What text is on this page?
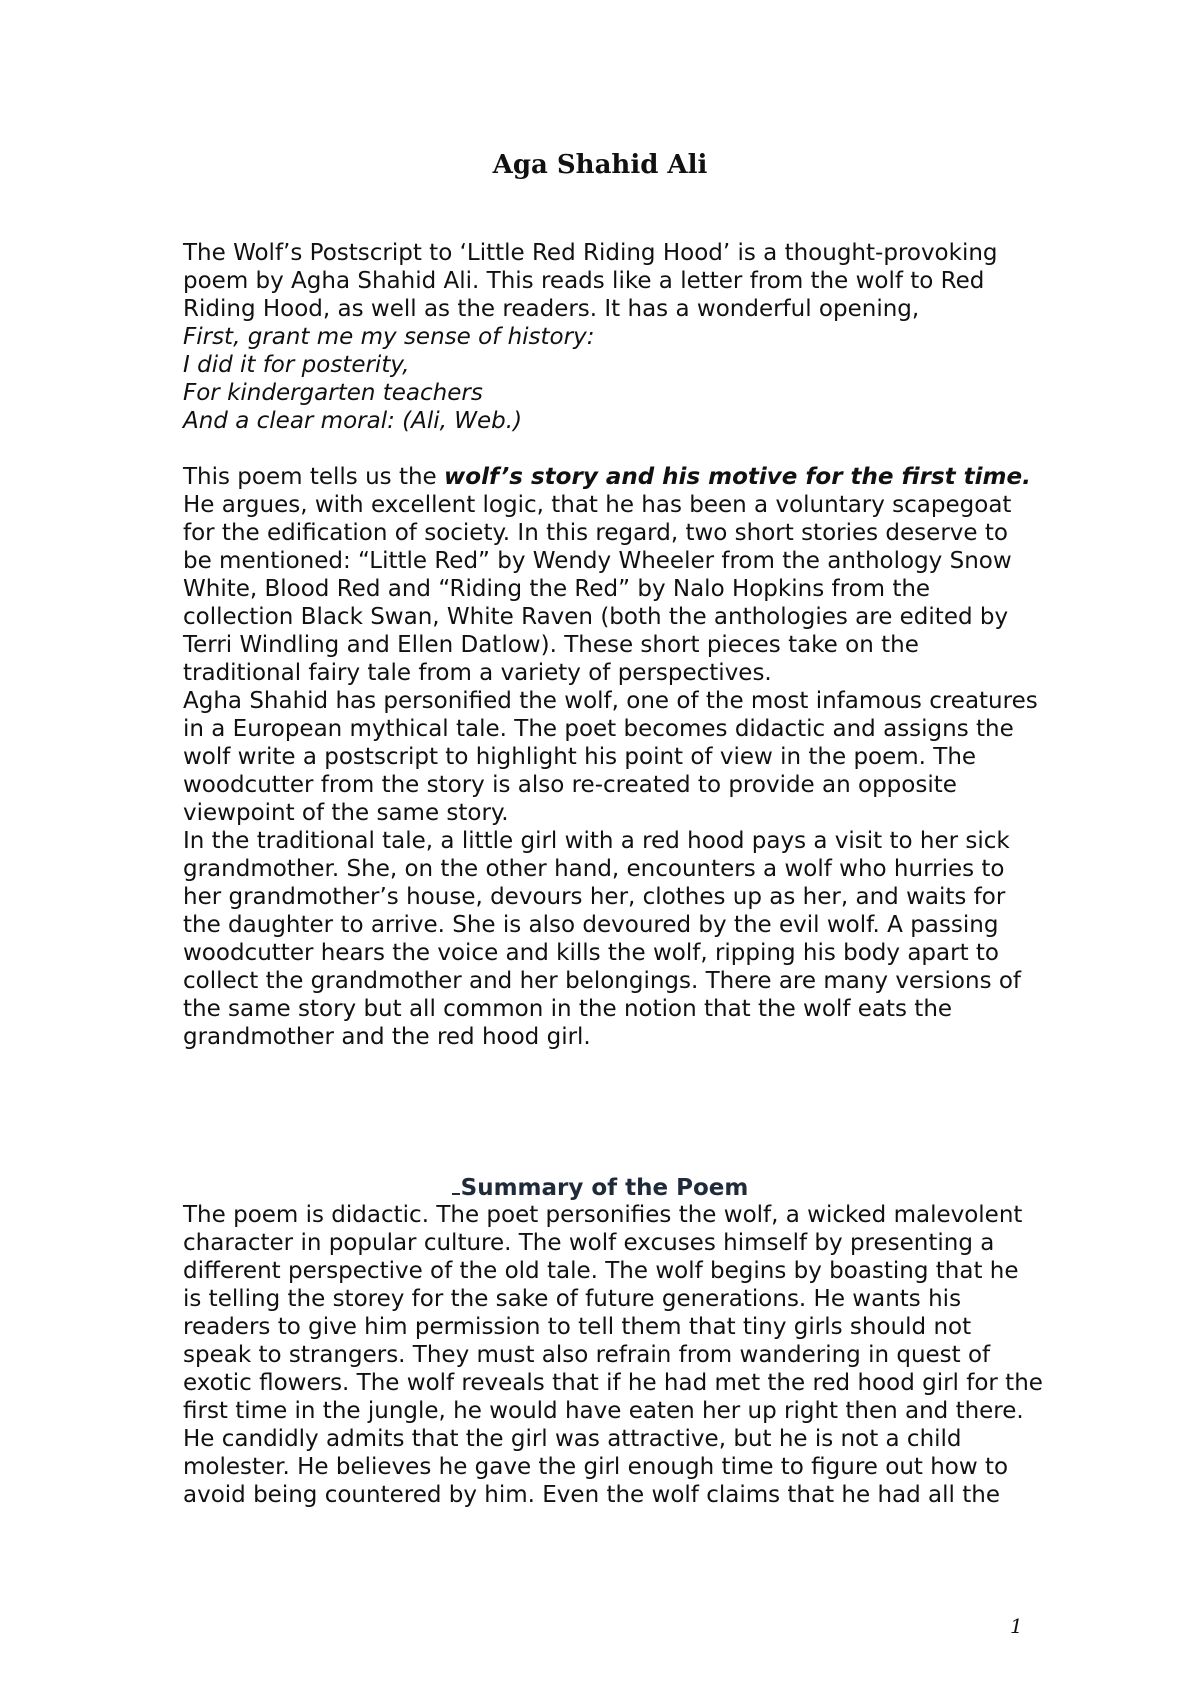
Aga Shahid Ali

The Wolf’s Postscript to ‘Little Red Riding Hood’ is a thought-provoking poem by Agha Shahid Ali. This reads like a letter from the wolf to Red Riding Hood, as well as the readers. It has a wonderful opening,

First, grant me my sense of history:

I did it for posterity,

For kindergarten teachers

And a clear moral: (Ali, Web.)

This poem tells us the wolf’s story and his motive for the first time. He argues, with excellent logic, that he has been a voluntary scapegoat for the edification of society. In this regard, two short stories deserve to be mentioned: “Little Red” by Wendy Wheeler from the anthology Snow White, Blood Red and “Riding the Red” by Nalo Hopkins from the collection Black Swan, White Raven (both the anthologies are edited by Terri Windling and Ellen Datlow). These short pieces take on the traditional fairy tale from a variety of perspectives.

Agha Shahid has personified the wolf, one of the most infamous creatures in a European mythical tale. The poet becomes didactic and assigns the wolf write a postscript to highlight his point of view in the poem. The woodcutter from the story is also re-created to provide an opposite viewpoint of the same story.

In the traditional tale, a little girl with a red hood pays a visit to her sick grandmother. She, on the other hand, encounters a wolf who hurries to her grandmother’s house, devours her, clothes up as her, and waits for the daughter to arrive. She is also devoured by the evil wolf. A passing woodcutter hears the voice and kills the wolf, ripping his body apart to collect the grandmother and her belongings. There are many versions of the same story but all common in the notion that the wolf eats the grandmother and the red hood girl.

Summary of the Poem

The poem is didactic. The poet personifies the wolf, a wicked malevolent character in popular culture. The wolf excuses himself by presenting a different perspective of the old tale. The wolf begins by boasting that he is telling the storey for the sake of future generations. He wants his readers to give him permission to tell them that tiny girls should not speak to strangers. They must also refrain from wandering in quest of exotic flowers. The wolf reveals that if he had met the red hood girl for the first time in the jungle, he would have eaten her up right then and there. He candidly admits that the girl was attractive, but he is not a child molester. He believes he gave the girl enough time to figure out how to avoid being countered by him. Even the wolf claims that he had all the

1
